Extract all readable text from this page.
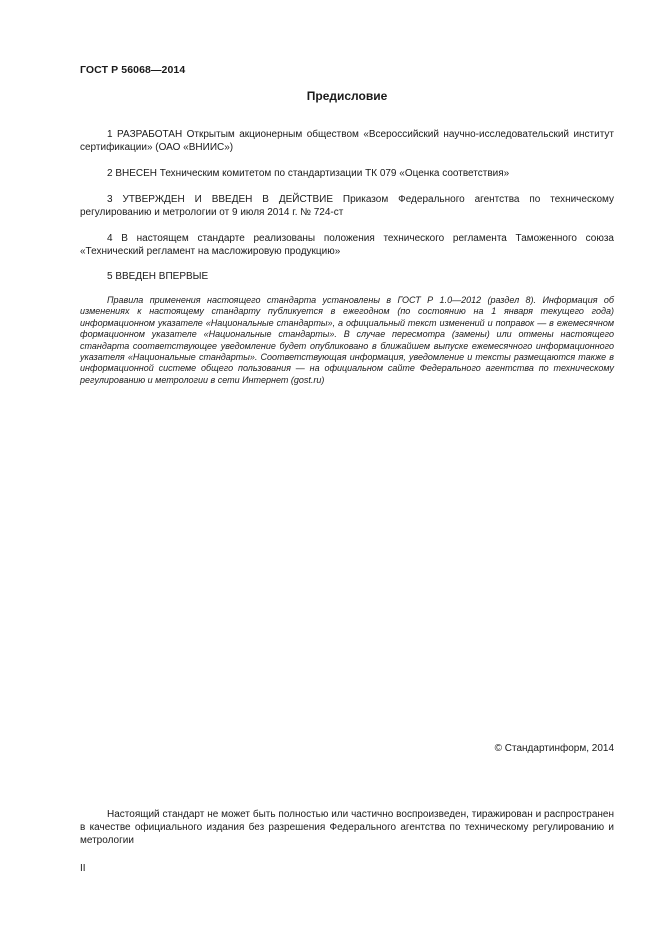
ГОСТ Р 56068—2014
Предисловие

1 РАЗРАБОТАН Открытым акционерным обществом «Всероссийский научно-исследовательский институт сертификации» (ОАО «ВНИИС»)

2 ВНЕСЕН Техническим комитетом по стандартизации ТК 079 «Оценка соответствия»

3 УТВЕРЖДЕН И ВВЕДЕН В ДЕЙСТВИЕ Приказом Федерального агентства по техническому регулированию и метрологии от 9 июля 2014 г. № 724-ст

4 В настоящем стандарте реализованы положения технического регламента Таможенного союза «Технический регламент на масложировую продукцию»

5 ВВЕДЕН ВПЕРВЫЕ

Правила применения настоящего стандарта установлены в ГОСТ Р 1.0—2012 (раздел 8). Информация об изменениях к настоящему стандарту публикуется в ежегодном (по состоянию на 1 января текущего года) информационном указателе «Национальные стандарты», а официальный текст изменений и поправок — в ежемесячном формационном указателе «Национальные стандарты». В случае пересмотра (замены) или отмены настоящего стандарта соответствующее уведомление будет опубликовано в ближайшем выпуске ежемесячного информационного указателя «Национальные стандарты». Соответствующая информация, уведомление и тексты размещаются также в информационной системе общего пользования — на официальном сайте Федерального агентства по техническому регулированию и метрологии в сети Интернет (gost.ru)

© Стандартинформ, 2014

Настоящий стандарт не может быть полностью или частично воспроизведен, тиражирован и распространен в качестве официального издания без разрешения Федерального агентства по техническому регулированию и метрологии

II
